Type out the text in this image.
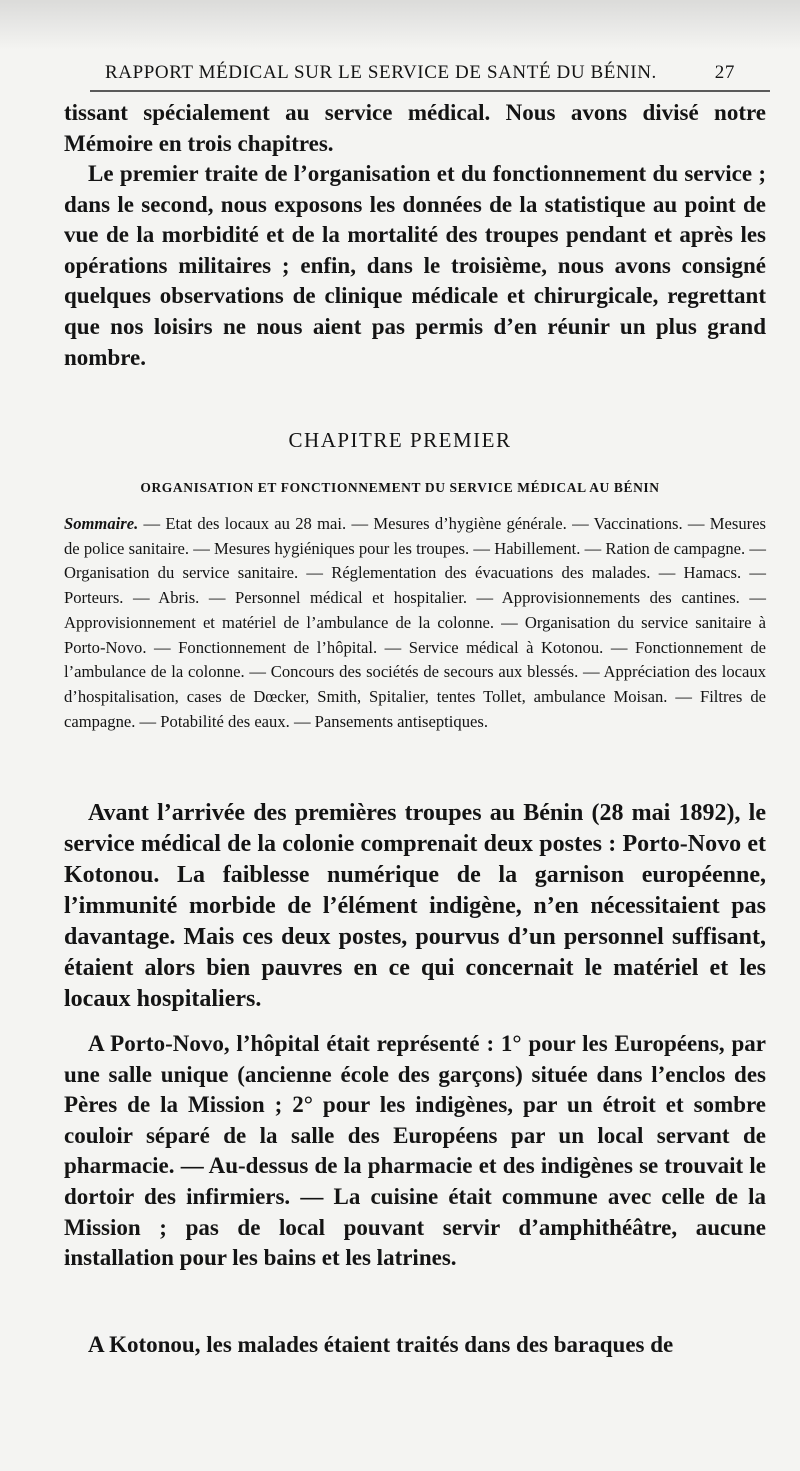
RAPPORT MÉDICAL SUR LE SERVICE DE SANTÉ DU BÉNIN.	27

tissant spécialement au service médical. Nous avons divisé notre Mémoire en trois chapitres.

Le premier traite de l’organisation et du fonctionnement du service ; dans le second, nous exposons les données de la statistique au point de vue de la morbidité et de la mortalité des troupes pendant et après les opérations militaires ; enfin, dans le troisième, nous avons consigné quelques observations de clinique médicale et chirurgicale, regrettant que nos loisirs ne nous aient pas permis d’en réunir un plus grand nombre.

CHAPITRE PREMIER
ORGANISATION ET FONCTIONNEMENT DU SERVICE MÉDICAL AU BÉNIN

Sommaire. — Etat des locaux au 28 mai. — Mesures d’hygiène générale. — Vaccinations. — Mesures de police sanitaire. — Mesures hygiéniques pour les troupes. — Habillement. — Ration de campagne. — Organisation du service sanitaire. — Réglementation des évacuations des malades. — Hamacs. — Porteurs. — Abris. — Personnel médical et hospitalier. — Approvisionnements des cantines. — Approvisionnement et matériel de l’ambulance de la colonne. — Organisation du service sanitaire à Porto-Novo. — Fonctionnement de l’hôpital. — Service médical à Kotonou. — Fonctionnement de l’ambulance de la colonne. — Concours des sociétés de secours aux blessés. — Appréciation des locaux d’hospitalisation, cases de Dœcker, Smith, Spitalier, tentes Tollet, ambulance Moisan. — Filtres de campagne. — Potabilité des eaux. — Pansements antiseptiques.

Avant l’arrivée des premières troupes au Bénin (28 mai 1892), le service médical de la colonie comprenait deux postes : Porto-Novo et Kotonou. La faiblesse numérique de la garnison européenne, l’immunité morbide de l’élément indigène, n’en nécessitaient pas davantage. Mais ces deux postes, pourvus d’un personnel suffisant, étaient alors bien pauvres en ce qui concernait le matériel et les locaux hospitaliers.

A Porto-Novo, l’hôpital était représenté : 1° pour les Européens, par une salle unique (ancienne école des garçons) située dans l’enclos des Pères de la Mission ; 2° pour les indigènes, par un étroit et sombre couloir séparé de la salle des Européens par un local servant de pharmacie. — Au-dessus de la pharmacie et des indigènes se trouvait le dortoir des infirmiers. — La cuisine était commune avec celle de la Mission ; pas de local pouvant servir d’amphithéâtre, aucune installation pour les bains et les latrines.

A Kotonou, les malades étaient traités dans des baraques de
